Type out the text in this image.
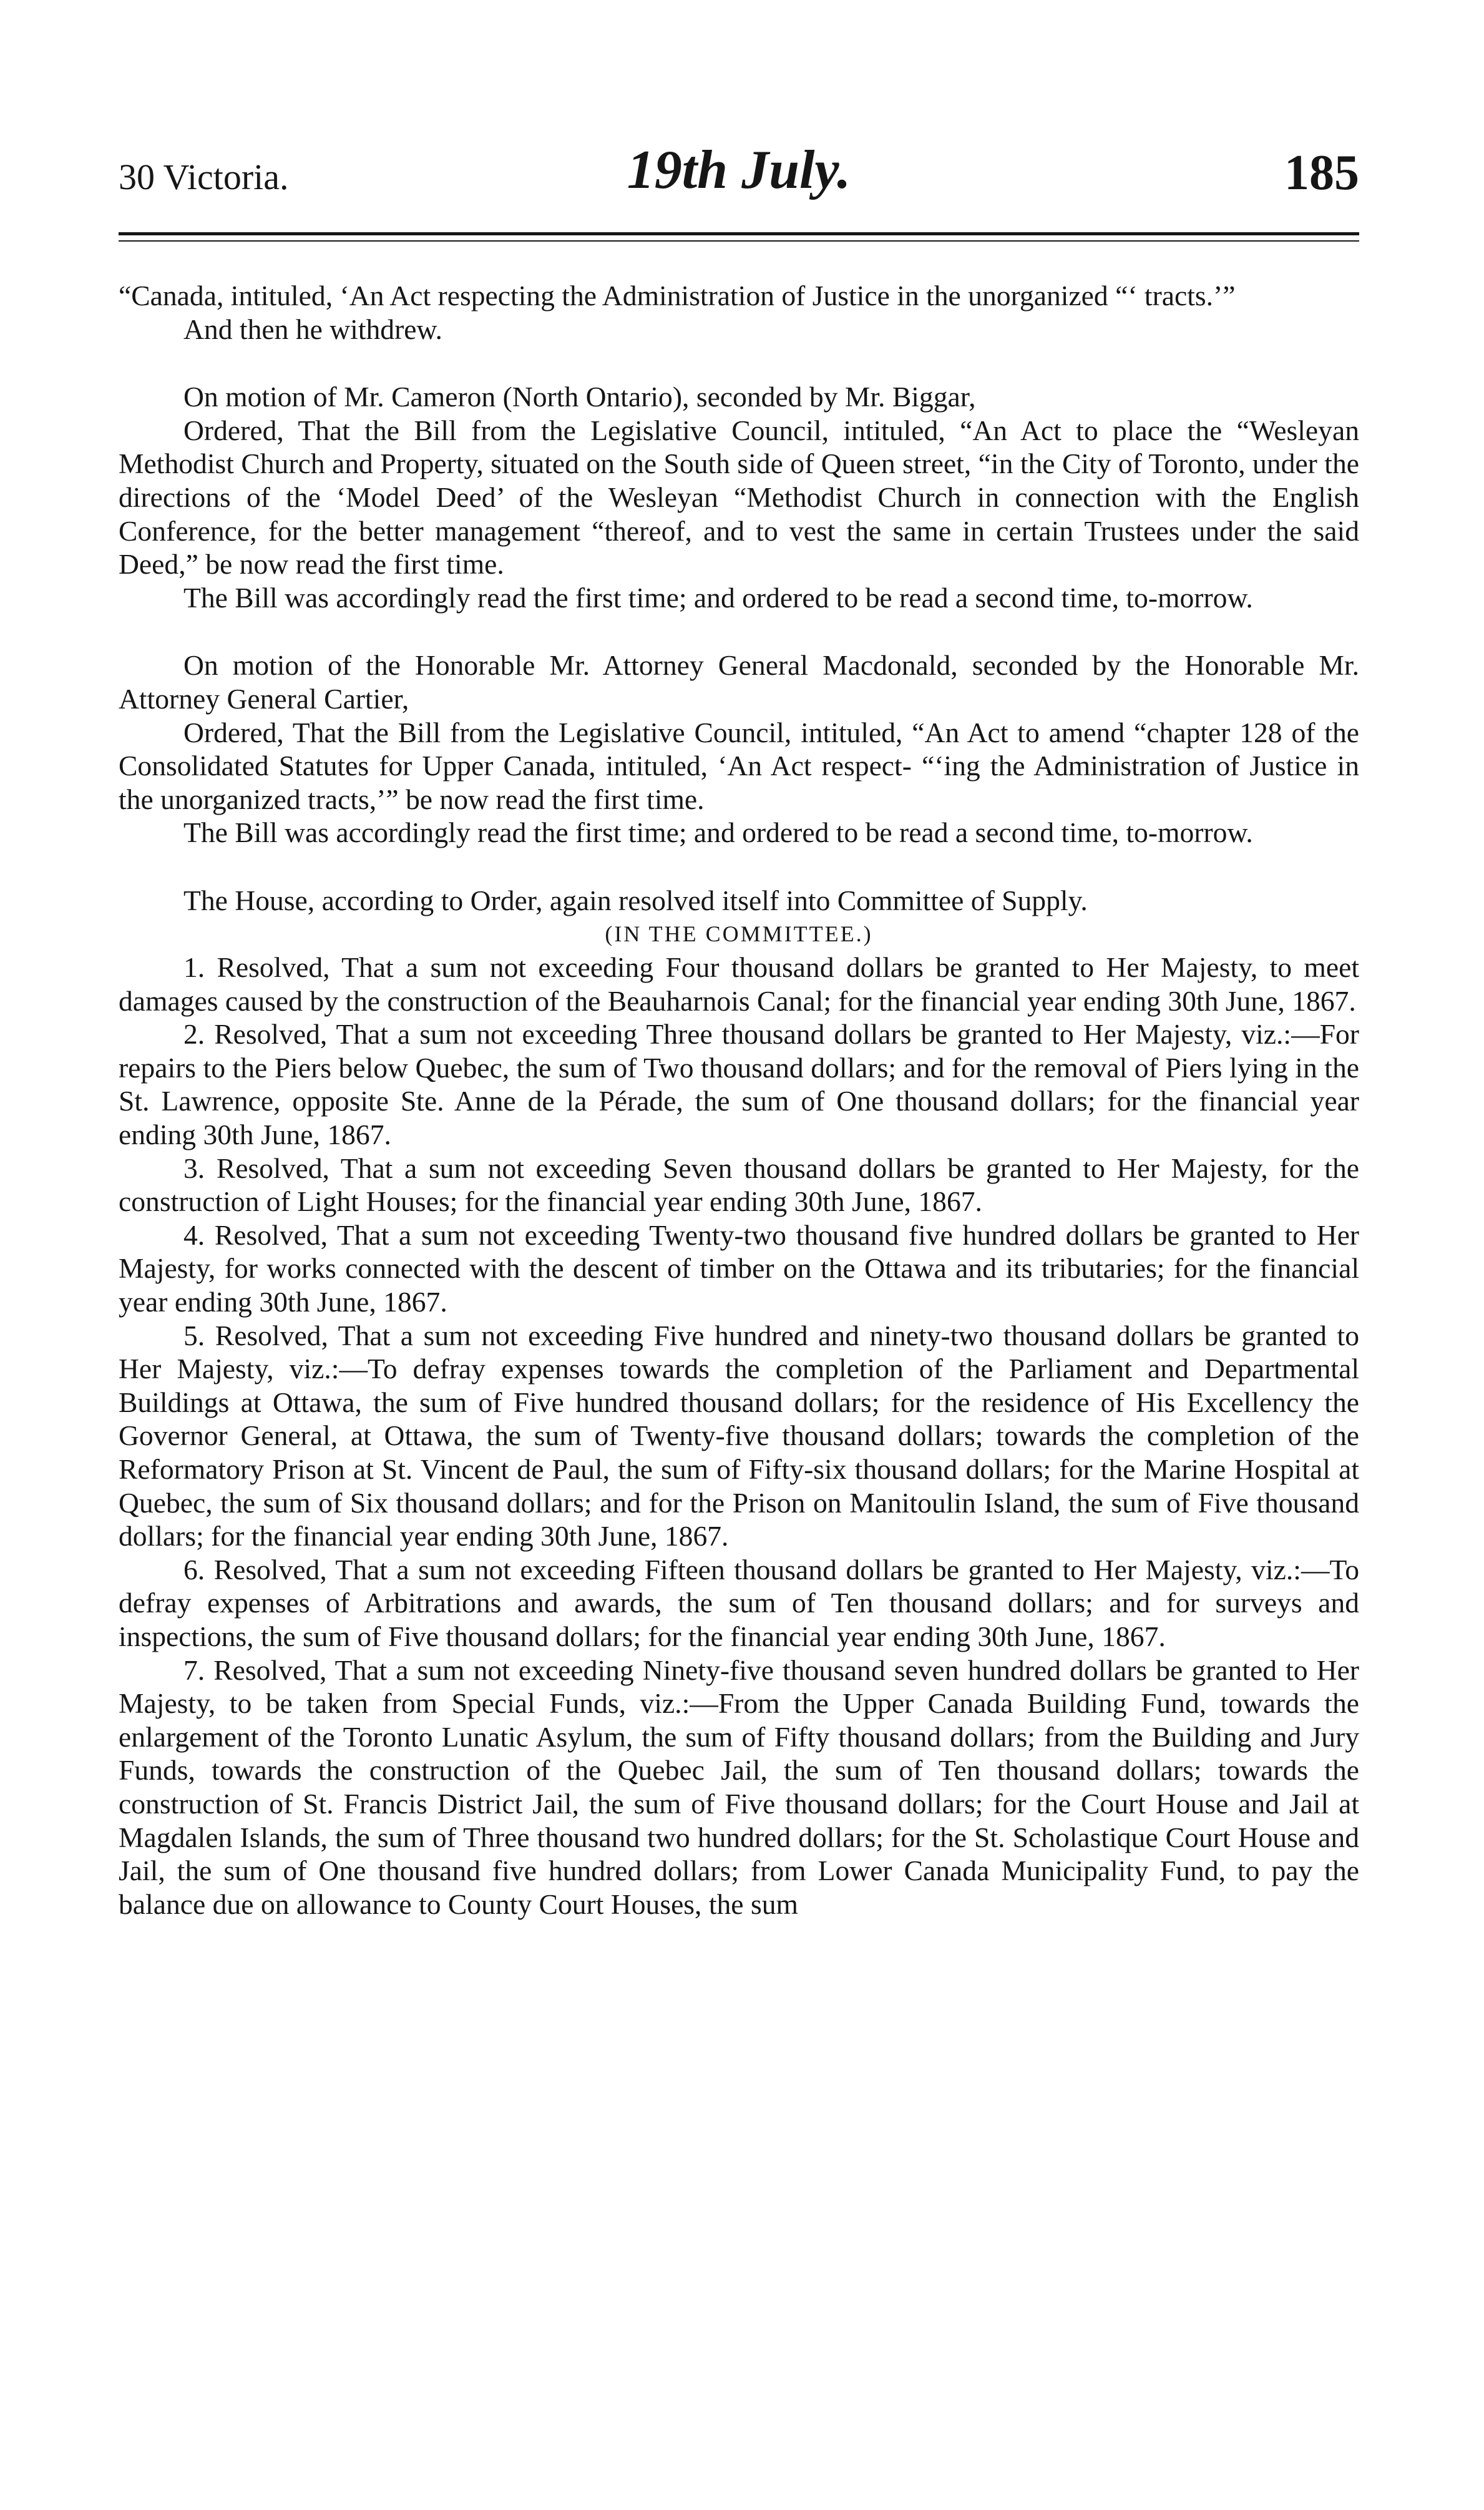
30 Victoria.	19th July.	185

“Canada, intituled, ‘An Act respecting the Administration of Justice in the unorganized “‘ tracts.’”

And then he withdrew.

On motion of Mr. Cameron (North Ontario), seconded by Mr. Biggar,

Ordered, That the Bill from the Legislative Council, intituled, “An Act to place the “Wesleyan Methodist Church and Property, situated on the South side of Queen street, “in the City of Toronto, under the directions of the ‘Model Deed’ of the Wesleyan “Methodist Church in connection with the English Conference, for the better management “thereof, and to vest the same in certain Trustees under the said Deed,” be now read the first time.

The Bill was accordingly read the first time; and ordered to be read a second time, to-morrow.

On motion of the Honorable Mr. Attorney General Macdonald, seconded by the Honorable Mr. Attorney General Cartier,

Ordered, That the Bill from the Legislative Council, intituled, “An Act to amend “chapter 128 of the Consolidated Statutes for Upper Canada, intituled, ‘An Act respect- “‘ing the Administration of Justice in the unorganized tracts,’” be now read the first time.

The Bill was accordingly read the first time; and ordered to be read a second time, to-morrow.

The House, according to Order, again resolved itself into Committee of Supply.

(IN THE COMMITTEE.)

1. Resolved, That a sum not exceeding Four thousand dollars be granted to Her Majesty, to meet damages caused by the construction of the Beauharnois Canal; for the financial year ending 30th June, 1867.

2. Resolved, That a sum not exceeding Three thousand dollars be granted to Her Majesty, viz.:—For repairs to the Piers below Quebec, the sum of Two thousand dollars; and for the removal of Piers lying in the St. Lawrence, opposite Ste. Anne de la Pérade, the sum of One thousand dollars; for the financial year ending 30th June, 1867.

3. Resolved, That a sum not exceeding Seven thousand dollars be granted to Her Majesty, for the construction of Light Houses; for the financial year ending 30th June, 1867.

4. Resolved, That a sum not exceeding Twenty-two thousand five hundred dollars be granted to Her Majesty, for works connected with the descent of timber on the Ottawa and its tributaries; for the financial year ending 30th June, 1867.

5. Resolved, That a sum not exceeding Five hundred and ninety-two thousand dollars be granted to Her Majesty, viz.:—To defray expenses towards the completion of the Parliament and Departmental Buildings at Ottawa, the sum of Five hundred thousand dollars; for the residence of His Excellency the Governor General, at Ottawa, the sum of Twenty-five thousand dollars; towards the completion of the Reformatory Prison at St. Vincent de Paul, the sum of Fifty-six thousand dollars; for the Marine Hospital at Quebec, the sum of Six thousand dollars; and for the Prison on Manitoulin Island, the sum of Five thousand dollars; for the financial year ending 30th June, 1867.

6. Resolved, That a sum not exceeding Fifteen thousand dollars be granted to Her Majesty, viz.:—To defray expenses of Arbitrations and awards, the sum of Ten thousand dollars; and for surveys and inspections, the sum of Five thousand dollars; for the financial year ending 30th June, 1867.

7. Resolved, That a sum not exceeding Ninety-five thousand seven hundred dollars be granted to Her Majesty, to be taken from Special Funds, viz.:—From the Upper Canada Building Fund, towards the enlargement of the Toronto Lunatic Asylum, the sum of Fifty thousand dollars; from the Building and Jury Funds, towards the construction of the Quebec Jail, the sum of Ten thousand dollars; towards the construction of St. Francis District Jail, the sum of Five thousand dollars; for the Court House and Jail at Magdalen Islands, the sum of Three thousand two hundred dollars; for the St. Scholastique Court House and Jail, the sum of One thousand five hundred dollars; from Lower Canada Municipality Fund, to pay the balance due on allowance to County Court Houses, the sum
